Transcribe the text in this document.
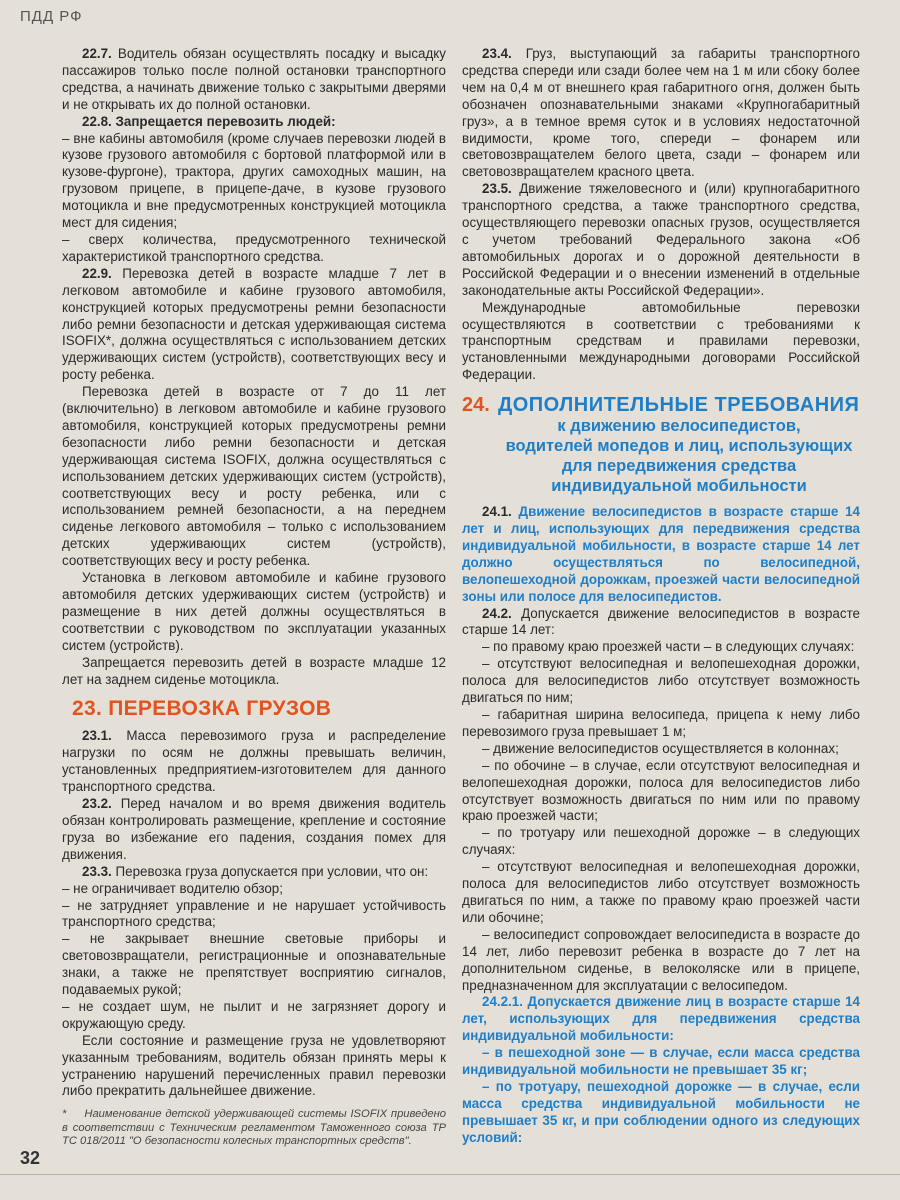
ПДД РФ

22.7. Водитель обязан осуществлять посадку и высадку пассажиров только после полной остановки транспортного средства, а начинать движение только с закрытыми дверями и не открывать их до полной остановки.

22.8. Запрещается перевозить людей:

– вне кабины автомобиля (кроме случаев перевозки людей в кузове грузового автомобиля с бортовой платформой или в кузове-фургоне), трактора, других самоходных машин, на грузовом прицепе, в прицепе-даче, в кузове грузового мотоцикла и вне предусмотренных конструкцией мотоцикла мест для сидения;

– сверх количества, предусмотренного технической характеристикой транспортного средства.

22.9. Перевозка детей в возрасте младше 7 лет в легковом автомобиле и кабине грузового автомобиля, конструкцией которых предусмотрены ремни безопасности либо ремни безопасности и детская удерживающая система ISOFIX*, должна осуществляться с использованием детских удерживающих систем (устройств), соответствующих весу и росту ребенка.

Перевозка детей в возрасте от 7 до 11 лет (включительно) в легковом автомобиле и кабине грузового автомобиля, конструкцией которых предусмотрены ремни безопасности либо ремни безопасности и детская удерживающая система ISOFIX, должна осуществляться с использованием детских удерживающих систем (устройств), соответствующих весу и росту ребенка, или с использованием ремней безопасности, а на переднем сиденье легкового автомобиля – только с использованием детских удерживающих систем (устройств), соответствующих весу и росту ребенка.

Установка в легковом автомобиле и кабине грузового автомобиля детских удерживающих систем (устройств) и размещение в них детей должны осуществляться в соответствии с руководством по эксплуатации указанных систем (устройств).

Запрещается перевозить детей в возрасте младше 12 лет на заднем сиденье мотоцикла.

23. ПЕРЕВОЗКА ГРУЗОВ

23.1. Масса перевозимого груза и распределение нагрузки по осям не должны превышать величин, установленных предприятием-изготовителем для данного транспортного средства.

23.2. Перед началом и во время движения водитель обязан контролировать размещение, крепление и состояние груза во избежание его падения, создания помех для движения.

23.3. Перевозка груза допускается при условии, что он:

– не ограничивает водителю обзор;

– не затрудняет управление и не нарушает устойчивость транспортного средства;

– не закрывает внешние световые приборы и световозвращатели, регистрационные и опознавательные знаки, а также не препятствует восприятию сигналов, подаваемых рукой;

– не создает шум, не пылит и не загрязняет дорогу и окружающую среду.

Если состояние и размещение груза не удовлетворяют указанным требованиям, водитель обязан принять меры к устранению нарушений перечисленных правил перевозки либо прекратить дальнейшее движение.

* Наименование детской удерживающей системы ISOFIX приведено в соответствии с Техническим регламентом Таможенного союза ТР ТС 018/2011 "О безопасности колесных транспортных средств".

23.4. Груз, выступающий за габариты транспортного средства спереди или сзади более чем на 1 м или сбоку более чем на 0,4 м от внешнего края габаритного огня, должен быть обозначен опознавательными знаками «Крупногабаритный груз», а в темное время суток и в условиях недостаточной видимости, кроме того, спереди – фонарем или световозвращателем белого цвета, сзади – фонарем или световозвращателем красного цвета.

23.5. Движение тяжеловесного и (или) крупногабаритного транспортного средства, а также транспортного средства, осуществляющего перевозки опасных грузов, осуществляется с учетом требований Федерального закона «Об автомобильных дорогах и о дорожной деятельности в Российской Федерации и о внесении изменений в отдельные законодательные акты Российской Федерации».

Международные автомобильные перевозки осуществляются в соответствии с требованиями к транспортным средствам и правилами перевозки, установленными международными договорами Российской Федерации.

24. ДОПОЛНИТЕЛЬНЫЕ ТРЕБОВАНИЯ
к движению велосипедистов,
водителей мопедов и лиц, использующих для передвижения средства
индивидуальной мобильности

24.1. Движение велосипедистов в возрасте старше 14 лет и лиц, использующих для передвижения средства индивидуальной мобильности, в возрасте старше 14 лет должно осуществляться по велосипедной, велопешеходной дорожкам, проезжей части велосипедной зоны или полосе для велосипедистов.

24.2. Допускается движение велосипедистов в возрасте старше 14 лет:

– по правому краю проезжей части – в следующих случаях:

– отсутствуют велосипедная и велопешеходная дорожки, полоса для велосипедистов либо отсутствует возможность двигаться по ним;

– габаритная ширина велосипеда, прицепа к нему либо перевозимого груза превышает 1 м;

– движение велосипедистов осуществляется в колоннах;

– по обочине – в случае, если отсутствуют велосипедная и велопешеходная дорожки, полоса для велосипедистов либо отсутствует возможность двигаться по ним или по правому краю проезжей части;

– по тротуару или пешеходной дорожке – в следующих случаях:

– отсутствуют велосипедная и велопешеходная дорожки, полоса для велосипедистов либо отсутствует возможность двигаться по ним, а также по правому краю проезжей части или обочине;

– велосипедист сопровождает велосипедиста в возрасте до 14 лет, либо перевозит ребенка в возрасте до 7 лет на дополнительном сиденье, в велоколяске или в прицепе, предназначенном для эксплуатации с велосипедом.

24.2.1. Допускается движение лиц в возрасте старше 14 лет, использующих для передвижения средства индивидуальной мобильности:

– в пешеходной зоне — в случае, если масса средства индивидуальной мобильности не превышает 35 кг;

– по тротуару, пешеходной дорожке — в случае, если масса средства индивидуальной мобильности не превышает 35 кг, и при соблюдении одного из следующих условий:

32
